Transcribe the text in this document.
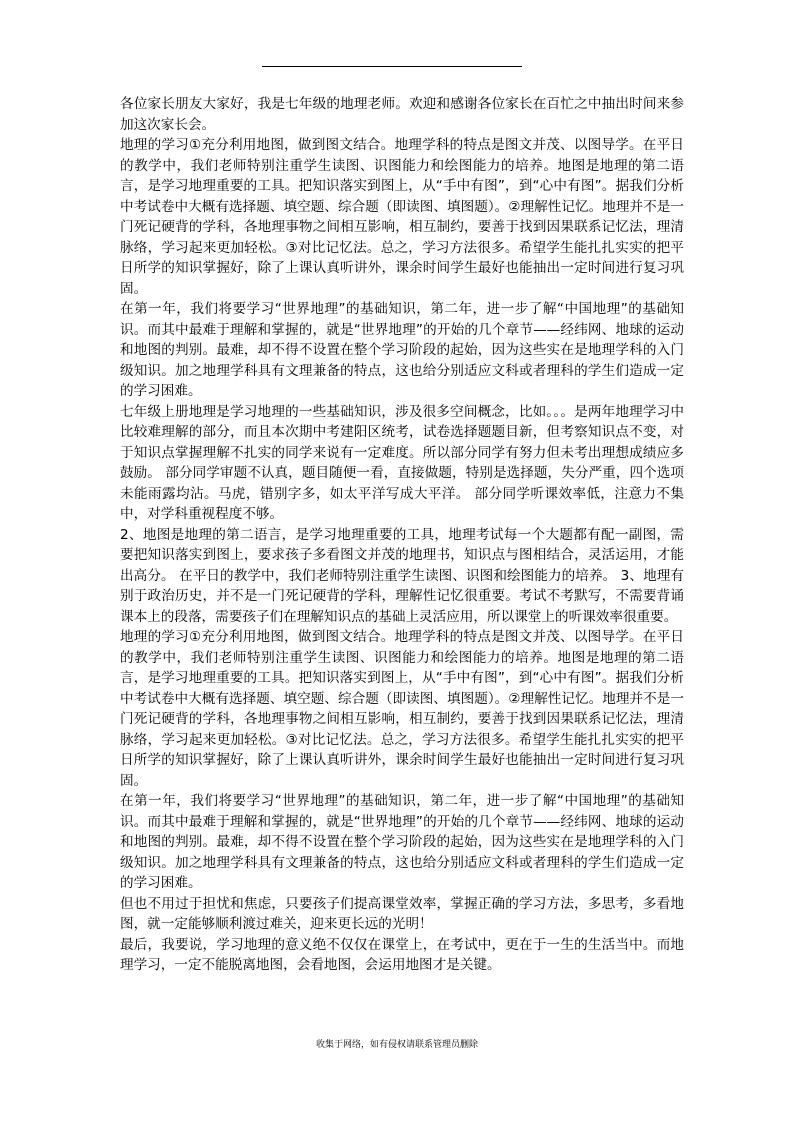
各位家长朋友大家好，我是七年级的地理老师。欢迎和感谢各位家长在百忙之中抽出时间来参加这次家长会。

地理的学习①充分利用地图，做到图文结合。地理学科的特点是图文并茂、以图导学。在平日的教学中，我们老师特别注重学生读图、识图能力和绘图能力的培养。地图是地理的第二语言，是学习地理重要的工具。把知识落实到图上，从“手中有图”，到“心中有图”。据我们分析中考试卷中大概有选择题、填空题、综合题（即读图、填图题）。②理解性记忆。地理并不是一门死记硬背的学科，各地理事物之间相互影响，相互制约，要善于找到因果联系记忆法，理清脉络，学习起来更加轻松。③对比记忆法。总之，学习方法很多。希望学生能扎扎实实的把平日所学的知识掌握好，除了上课认真听讲外，课余时间学生最好也能抽出一定时间进行复习巩固。

在第一年，我们将要学习“世界地理”的基础知识，第二年，进一步了解“中国地理”的基础知识。而其中最难于理解和掌握的，就是“世界地理”的开始的几个章节——经纬网、地球的运动和地图的判别。最难，却不得不设置在整个学习阶段的起始，因为这些实在是地理学科的入门级知识。加之地理学科具有文理兼备的特点，这也给分别适应文科或者理科的学生们造成一定的学习困难。

七年级上册地理是学习地理的一些基础知识，涉及很多空间概念，比如。。。是两年地理学习中比较难理解的部分，而且本次期中考建阳区统考，试卷选择题题目新，但考察知识点不变，对于知识点掌握理解不扎实的同学来说有一定难度。所以部分同学有努力但未考出理想成绩应多鼓励。 部分同学审题不认真，题目随便一看，直接做题，特别是选择题，失分严重，四个选项未能雨露均沾。马虎，错别字多，如太平洋写成大平洋。 部分同学听课效率低，注意力不集中，对学科重视程度不够。

2、地图是地理的第二语言，是学习地理重要的工具，地理考试每一个大题都有配一副图，需要把知识落实到图上，要求孩子多看图文并茂的地理书，知识点与图相结合，灵活运用，才能出高分。 在平日的教学中，我们老师特别注重学生读图、识图和绘图能力的培养。 3、地理有别于政治历史，并不是一门死记硬背的学科，理解性记忆很重要。考试不考默写，不需要背诵课本上的段落，需要孩子们在理解知识点的基础上灵活应用，所以课堂上的听课效率很重要。

地理的学习①充分利用地图，做到图文结合。地理学科的特点是图文并茂、以图导学。在平日的教学中，我们老师特别注重学生读图、识图能力和绘图能力的培养。地图是地理的第二语言，是学习地理重要的工具。把知识落实到图上，从“手中有图”，到“心中有图”。据我们分析中考试卷中大概有选择题、填空题、综合题（即读图、填图题）。②理解性记忆。地理并不是一门死记硬背的学科，各地理事物之间相互影响，相互制约，要善于找到因果联系记忆法，理清脉络，学习起来更加轻松。③对比记忆法。总之，学习方法很多。希望学生能扎扎实实的把平日所学的知识掌握好，除了上课认真听讲外，课余时间学生最好也能抽出一定时间进行复习巩固。

在第一年，我们将要学习“世界地理”的基础知识，第二年，进一步了解“中国地理”的基础知识。而其中最难于理解和掌握的，就是“世界地理”的开始的几个章节——经纬网、地球的运动和地图的判别。最难，却不得不设置在整个学习阶段的起始，因为这些实在是地理学科的入门级知识。加之地理学科具有文理兼备的特点，这也给分别适应文科或者理科的学生们造成一定的学习困难。

但也不用过于担忧和焦虑，只要孩子们提高课堂效率，掌握正确的学习方法，多思考，多看地图，就一定能够顺利渡过难关，迎来更长远的光明！

最后，我要说，学习地理的意义绝不仅仅在课堂上，在考试中，更在于一生的生活当中。而地理学习，一定不能脱离地图，会看地图，会运用地图才是关键。

收集于网络，如有侵权请联系管理员删除
